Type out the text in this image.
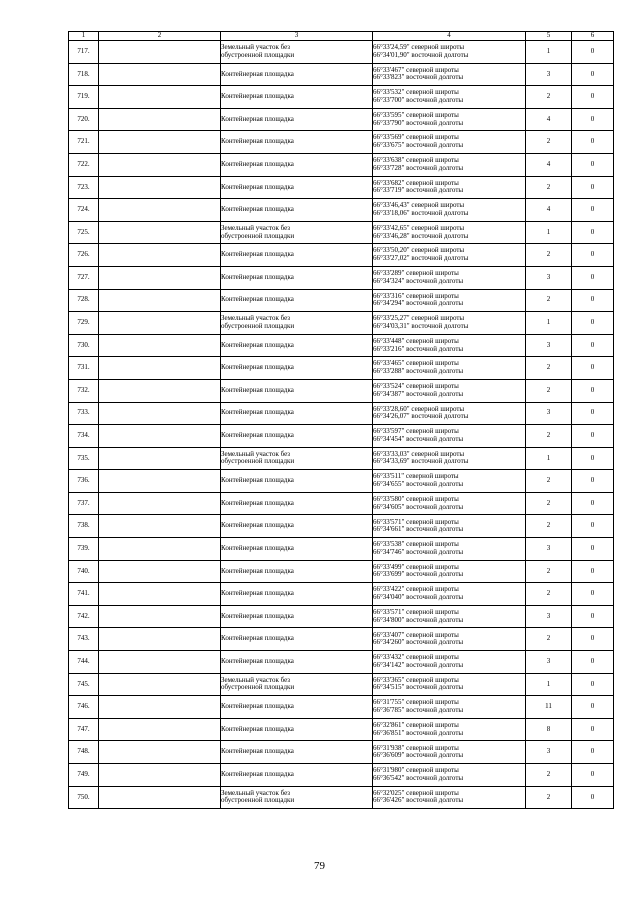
1	2	3	4	5	6
717.		Земельный участок без
обустроенной площадки	66°33'24,59" северной широты
66°34'01,90" восточной долготы	1	0
718.		Контейнерная площадка	66°33'467" северной широты
66°33'823" восточной долготы	3	0
719.		Контейнерная площадка	66°33'532" северной широты
66°33'700" восточной долготы	2	0
720.		Контейнерная площадка	66°33'595" северной широты
66°33'790" восточной долготы	4	0
721.		Контейнерная площадка	66°33'569" северной широты
66°33'675" восточной долготы	2	0
722.		Контейнерная площадка	66°33'638" северной широты
66°33'728" восточной долготы	4	0
723.		Контейнерная площадка	66°33'682" северной широты
66°33'719" восточной долготы	2	0
724.		Контейнерная площадка	66°33'46,43" северной широты
66°33'18,06" восточной долготы	4	0
725.		Земельный участок без
обустроенной площадки	66°33'42,65" северной широты
66°33'46,28" восточной долготы	1	0
726.		Контейнерная площадка	66°33'50,20" северной широты
66°33'27,02" восточной долготы	2	0
727.		Контейнерная площадка	66°33'289" северной широты
66°34'324" восточной долготы	3	0
728.		Контейнерная площадка	66°33'316" северной широты
66°34'294" восточной долготы	2	0
729.		Земельный участок без
обустроенной площадки	66°33'25,27" северной широты
66°34'03,31" восточной долготы	1	0
730.		Контейнерная площадка	66°33'448" северной широты
66°33'216" восточной долготы	3	0
731.		Контейнерная площадка	66°33'465" северной широты
66°33'288" восточной долготы	2	0
732.		Контейнерная площадка	66°33'524" северной широты
66°34'387" восточной долготы	2	0
733.		Контейнерная площадка	66°33'28,60" северной широты
66°34'26,07" восточной долготы	3	0
734.		Контейнерная площадка	66°33'597" северной широты
66°34'454" восточной долготы	2	0
735.		Земельный участок без
обустроенной площадки	66°33'33,03" северной широты
66°34'33,69" восточной долготы	1	0
736.		Контейнерная площадка	66°33'511" северной широты
66°34'655" восточной долготы	2	0
737.		Контейнерная площадка	66°33'580" северной широты
66°34'605" восточной долготы	2	0
738.		Контейнерная площадка	66°33'571" северной широты
66°34'661" восточной долготы	2	0
739.		Контейнерная площадка	66°33'538" северной широты
66°34'746" восточной долготы	3	0
740.		Контейнерная площадка	66°33'499" северной широты
66°33'699" восточной долготы	2	0
741.		Контейнерная площадка	66°33'422" северной широты
66°34'040" восточной долготы	2	0
742.		Контейнерная площадка	66°33'571" северной широты
66°34'800" восточной долготы	3	0
743.		Контейнерная площадка	66°33'407" северной широты
66°34'260" восточной долготы	2	0
744.		Контейнерная площадка	66°33'432" северной широты
66°34'142" восточной долготы	3	0
745.		Земельный участок без
обустроенной площадки	66°33'365" северной широты
66°34'515" восточной долготы	1	0
746.		Контейнерная площадка	66°31'755" северной широты
66°36'785" восточной долготы	11	0
747.		Контейнерная площадка	66°32'861" северной широты
66°36'851" восточной долготы	8	0
748.		Контейнерная площадка	66°31'938" северной широты
66°36'609" восточной долготы	3	0
749.		Контейнерная площадка	66°31'980" северной широты
66°36'542" восточной долготы	2	0
750.		Земельный участок без
обустроенной площадки	66°32'025" северной широты
66°36'426" восточной долготы	2	0
79
